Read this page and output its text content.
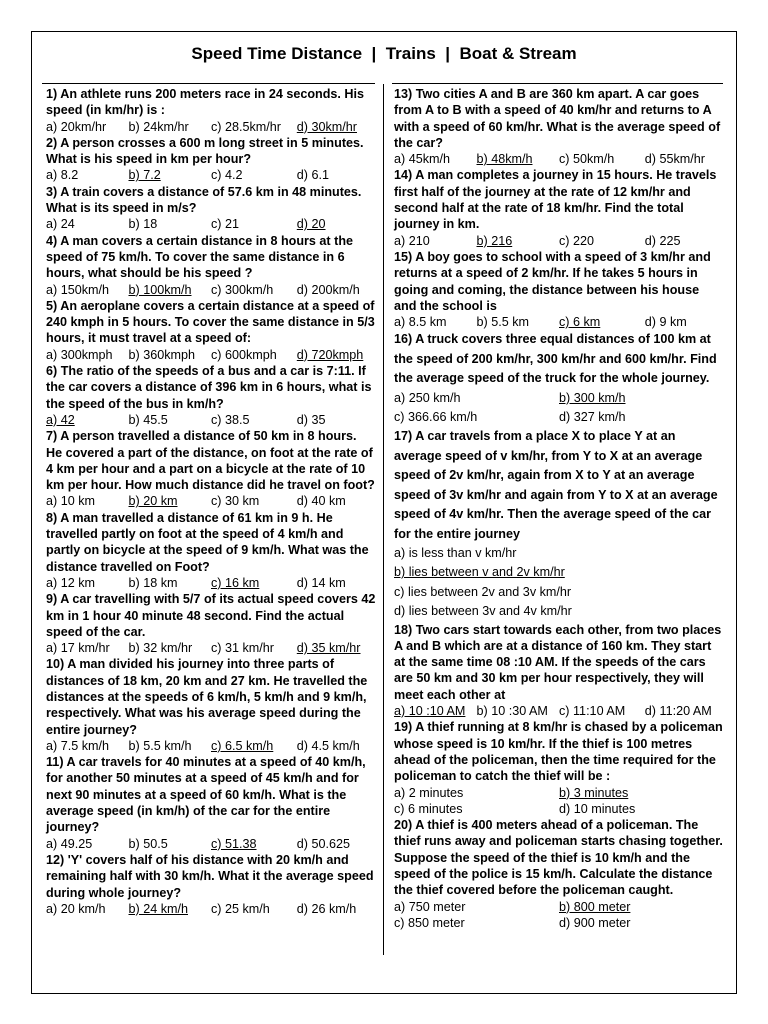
Speed Time Distance  |  Trains  |  Boat & Stream
1) An athlete runs 200 meters race in 24 seconds. His speed (in km/hr) is :
a) 20km/hr	b) 24km/hr	c) 28.5km/hr	d) 30km/hr
2) A person crosses a 600 m long street in 5 minutes. What is his speed in km per hour?
a) 8.2	b) 7.2	c) 4.2	d) 6.1
3) A train covers a distance of 57.6 km in 48 minutes. What is its speed in m/s?
a) 24	b) 18	c) 21	d) 20
4) A man covers a certain distance in 8 hours at the speed of 75 km/h. To cover the same distance in 6 hours, what should be his speed ?
a) 150km/h	b) 100km/h	c) 300km/h	d) 200km/h
5) An aeroplane covers a certain distance at a speed of 240 kmph in 5 hours. To cover the same distance in 5/3 hours, it must travel at a speed of:
a) 300kmph	b) 360kmph	c) 600kmph	d) 720kmph
6) The ratio of the speeds of a bus and a car is 7:11. If the car covers a distance of 396 km in 6 hours, what is the speed of the bus in km/h?
a) 42	b) 45.5	c) 38.5	d) 35
7) A person travelled a distance of 50 km in 8 hours. He covered a part of the distance, on foot at the rate of 4 km per hour and a part on a bicycle at the rate of 10 km per hour. How much distance did he travel on foot?
a) 10 km	b) 20 km	c) 30 km	d) 40 km
8) A man travelled a distance of 61 km in 9 h. He travelled partly on foot at the speed of 4 km/h and partly on bicycle at the speed of 9 km/h. What was the distance travelled on Foot?
a) 12 km	b) 18 km	c) 16 km	d) 14 km
9) A car travelling with 5/7 of its actual speed covers 42 km in 1 hour 40 minute 48 second. Find the actual speed of the car.
a) 17 km/hr	b) 32 km/hr	c) 31 km/hr	d) 35 km/hr
10) A man divided his journey into three parts of distances of 18 km, 20 km and 27 km. He travelled the distances at the speeds of 6 km/h, 5 km/h and 9 km/h, respectively. What was his average speed during the entire journey?
a) 7.5 km/h	b) 5.5 km/h	c) 6.5 km/h	d) 4.5 km/h
11) A car travels for 40 minutes at a speed of 40 km/h, for another 50 minutes at a speed of 45 km/h and for next 90 minutes at a speed of 60 km/h. What is the average speed (in km/h) of the car for the entire journey?
a) 49.25	b) 50.5	c) 51.38	d) 50.625
12) 'Y' covers half of his distance with 20 km/h and remaining half with 30 km/h. What it the average speed during whole journey?
a) 20 km/h	b) 24 km/h	c) 25 km/h	d) 26 km/h
13) Two cities A and B are 360 km apart. A car goes from A to B with a speed of 40 km/hr and returns to A with a speed of 60 km/hr. What is the average speed of the car?
a) 45km/h	b) 48km/h	c) 50km/h	d) 55km/hr
14) A man completes a journey in 15 hours. He travels first half of the journey at the rate of 12 km/hr and second half at the rate of 18 km/hr. Find the total journey in km.
a) 210	b) 216	c) 220	d) 225
15) A boy goes to school with a speed of 3 km/hr and returns at a speed of 2 km/hr. If he takes 5 hours in going and coming, the distance between his house and the school is
a) 8.5 km	b) 5.5 km	c) 6 km	d) 9 km
16) A truck covers three equal distances of 100 km at the speed of 200 km/hr, 300 km/hr and 600 km/hr. Find the average speed of the truck for the whole journey.
a) 250 km/h	b) 300 km/h
c) 366.66 km/h	d) 327 km/h
17) A car travels from a place X to place Y at an average speed of v km/hr, from Y to X at an average speed of 2v km/hr, again from X to Y at an average speed of 3v km/hr and again from Y to X at an average speed of 4v km/hr. Then the average speed of the car for the entire journey
a) is less than v km/hr
b) lies between v and 2v km/hr
c) lies between 2v and 3v km/hr
d) lies between 3v and 4v km/hr
18) Two cars start towards each other, from two places A and B which are at a distance of 160 km. They start at the same time 08 :10 AM. If the speeds of the cars are 50 km and 30 km per hour respectively, they will meet each other at
a) 10 :10 AM b) 10 :30 AM c) 11:10 AM	d) 11:20 AM
19) A thief running at 8 km/hr is chased by a policeman whose speed is 10 km/hr. If the thief is 100 metres ahead of the policeman, then the time required for the policeman to catch the thief will be :
a) 2 minutes	b) 3 minutes
c) 6 minutes	d) 10 minutes
20) A thief is 400 meters ahead of a policeman. The thief runs away and policeman starts chasing together. Suppose the speed of the thief is 10 km/h and the speed of the police is 15 km/h. Calculate the distance the thief covered before the policeman caught.
a) 750 meter	b) 800 meter
c) 850 meter	d) 900 meter
